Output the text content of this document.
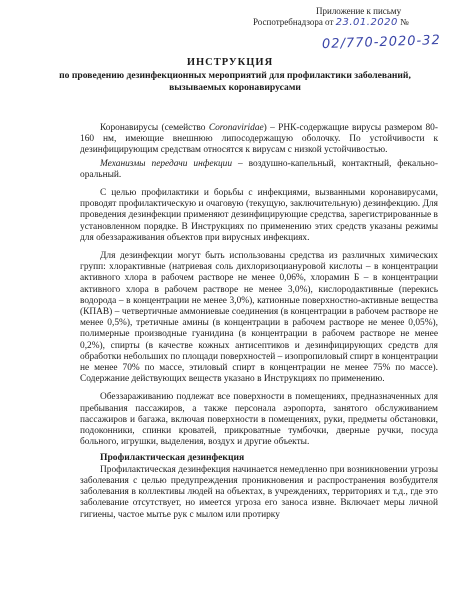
Приложение к письму
Роспотребнадзора от 23.01.2020 №
02/770-2020-32
ИНСТРУКЦИЯ
по проведению дезинфекционных мероприятий для профилактики заболеваний, вызываемых коронавирусами

Коронавирусы (семейство Coronaviridae) – РНК-содержащие вирусы размером 80-160 нм, имеющие внешнюю липосодержащую оболочку. По устойчивости к дезинфицирующим средствам относятся к вирусам с низкой устойчивостью.

Механизмы передачи инфекции – воздушно-капельный, контактный, фекально-оральный.

С целью профилактики и борьбы с инфекциями, вызванными коронавирусами, проводят профилактическую и очаговую (текущую, заключительную) дезинфекцию. Для проведения дезинфекции применяют дезинфицирующие средства, зарегистрированные в установленном порядке. В Инструкциях по применению этих средств указаны режимы для обеззараживания объектов при вирусных инфекциях.

Для дезинфекции могут быть использованы средства из различных химических групп: хлорактивные (натриевая соль дихлоризоциануровой кислоты – в концентрации активного хлора в рабочем растворе не менее 0,06%, хлорамин Б – в концентрации активного хлора в рабочем растворе не менее 3,0%), кислородактивные (перекись водорода – в концентрации не менее 3,0%), катионные поверхностно-активные вещества (КПАВ) – четвертичные аммониевые соединения (в концентрации в рабочем растворе не менее 0,5%), третичные амины (в концентрации в рабочем растворе не менее 0,05%), полимерные производные гуанидина (в концентрации в рабочем растворе не менее 0,2%), спирты (в качестве кожных антисептиков и дезинфицирующих средств для обработки небольших по площади поверхностей – изопропиловый спирт в концентрации не менее 70% по массе, этиловый спирт в концентрации не менее 75% по массе). Содержание действующих веществ указано в Инструкциях по применению.

Обеззараживанию подлежат все поверхности в помещениях, предназначенных для пребывания пассажиров, а также персонала аэропорта, занятого обслуживанием пассажиров и багажа, включая поверхности в помещениях, руки, предметы обстановки, подоконники, спинки кроватей, прикроватные тумбочки, дверные ручки, посуда больного, игрушки, выделения, воздух и другие объекты.

Профилактическая дезинфекция

Профилактическая дезинфекция начинается немедленно при возникновении угрозы заболевания с целью предупреждения проникновения и распространения возбудителя заболевания в коллективы людей на объектах, в учреждениях, территориях и т.д., где это заболевание отсутствует, но имеется угроза его заноса извне. Включает меры личной гигиены, частое мытье рук с мылом или протирку
